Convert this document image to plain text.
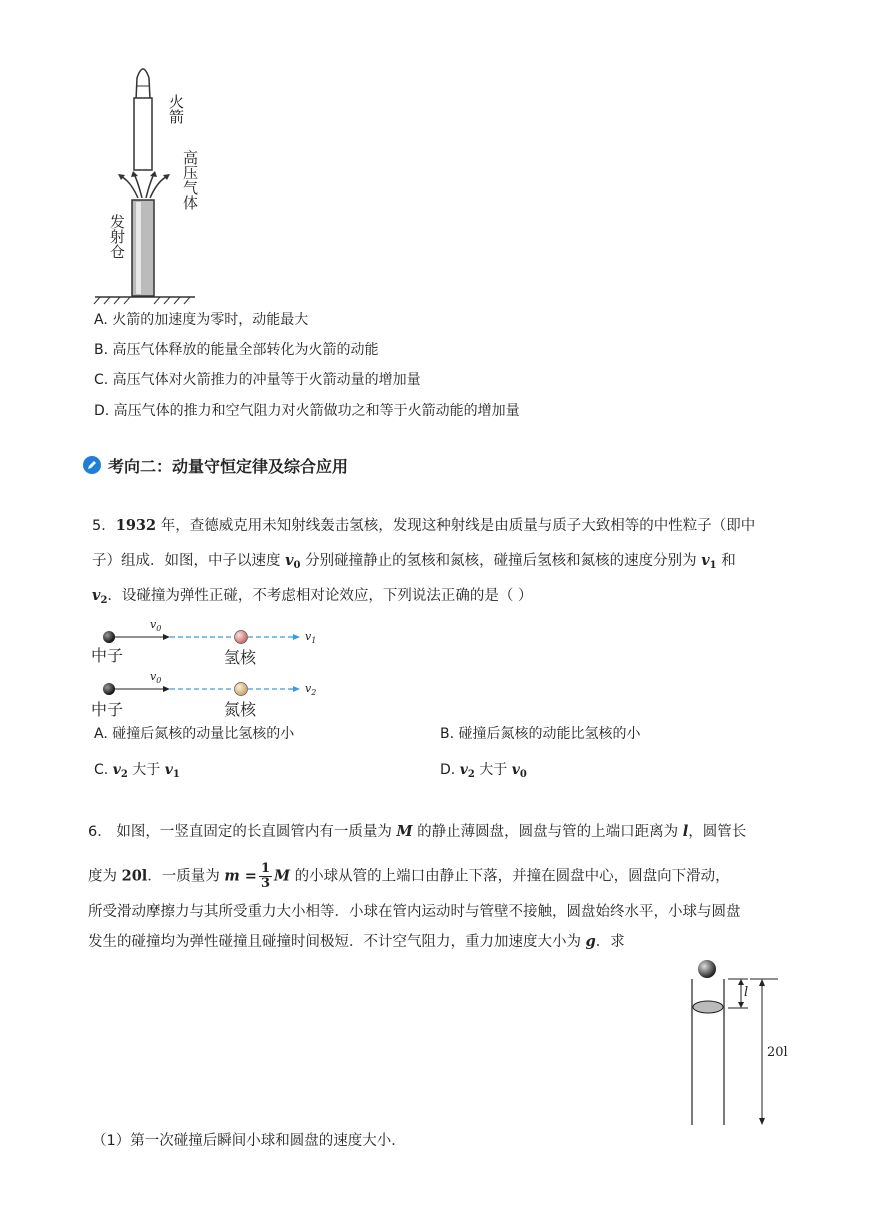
火箭
高压气体
发射仓
A. 火箭的加速度为零时，动能最大
B. 高压气体释放的能量全部转化为火箭的动能
C. 高压气体对火箭推力的冲量等于火箭动量的增加量
D. 高压气体的推力和空气阻力对火箭做功之和等于火箭动能的增加量
考向二：动量守恒定律及综合应用
5．1932 年，查德威克用未知射线轰击氢核，发现这种射线是由质量与质子大致相等的中性粒子（即中
子）组成．如图，中子以速度 $v_0$ 分别碰撞静止的氢核和氮核，碰撞后氢核和氮核的速度分别为 $v_1$ 和
$v_2$．设碰撞为弹性正碰，不考虑相对论效应，下列说法正确的是（ ）
$v_0$
$v_1$
中子	氢核
$v_0$
$v_2$
中子	氮核
A. 碰撞后氮核的动量比氢核的小	B. 碰撞后氮核的动能比氢核的小
C. $v_2$ 大于 $v_1$	D. $v_2$ 大于 $v_0$
6． 如图，一竖直固定的长直圆管内有一质量为 M 的静止薄圆盘，圆盘与管的上端口距离为 l，圆管长
度为 20l．一质量为 $m = \frac{1}{3}$ M 的小球从管的上端口由静止下落，并撞在圆盘中心，圆盘向下滑动，
所受滑动摩擦力与其所受重力大小相等．小球在管内运动时与管壁不接触，圆盘始终水平，小球与圆盘
发生的碰撞均为弹性碰撞且碰撞时间极短．不计空气阻力，重力加速度大小为 g．求
l
20l
（1）第一次碰撞后瞬间小球和圆盘的速度大小．
